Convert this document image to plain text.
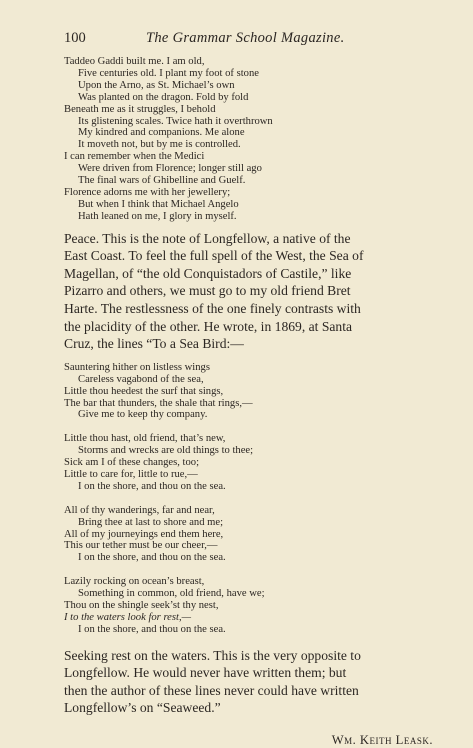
100	The Grammar School Magazine.
Taddeo Gaddi built me. I am old,
Five centuries old. I plant my foot of stone
Upon the Arno, as St. Michael’s own
Was planted on the dragon. Fold by fold
Beneath me as it struggles, I behold
Its glistening scales. Twice hath it overthrown
My kindred and companions. Me alone
It moveth not, but by me is controlled.
I can remember when the Medici
Were driven from Florence; longer still ago
The final wars of Ghibelline and Guelf.
Florence adorns me with her jewellery;
But when I think that Michael Angelo
Hath leaned on me, I glory in myself.
Peace. This is the note of Longfellow, a native of the
East Coast. To feel the full spell of the West, the Sea of
Magellan, of “the old Conquistadors of Castile,” like
Pizarro and others, we must go to my old friend Bret
Harte. The restlessness of the one finely contrasts with
the placidity of the other. He wrote, in 1869, at Santa
Cruz, the lines “To a Sea Bird:—
Sauntering hither on listless wings
Careless vagabond of the sea,
Little thou heedest the surf that sings,
The bar that thunders, the shale that rings,—
Give me to keep thy company.
Little thou hast, old friend, that’s new,
Storms and wrecks are old things to thee;
Sick am I of these changes, too;
Little to care for, little to rue,—
I on the shore, and thou on the sea.
All of thy wanderings, far and near,
Bring thee at last to shore and me;
All of my journeyings end them here,
This our tether must be our cheer,—
I on the shore, and thou on the sea.
Lazily rocking on ocean’s breast,
Something in common, old friend, have we;
Thou on the shingle seek’st thy nest,
I to the waters look for rest,—
I on the shore, and thou on the sea.
Seeking rest on the waters. This is the very opposite to
Longfellow. He would never have written them; but
then the author of these lines never could have written
Longfellow’s on “Seaweed.”
Wm. Keith Leask.
